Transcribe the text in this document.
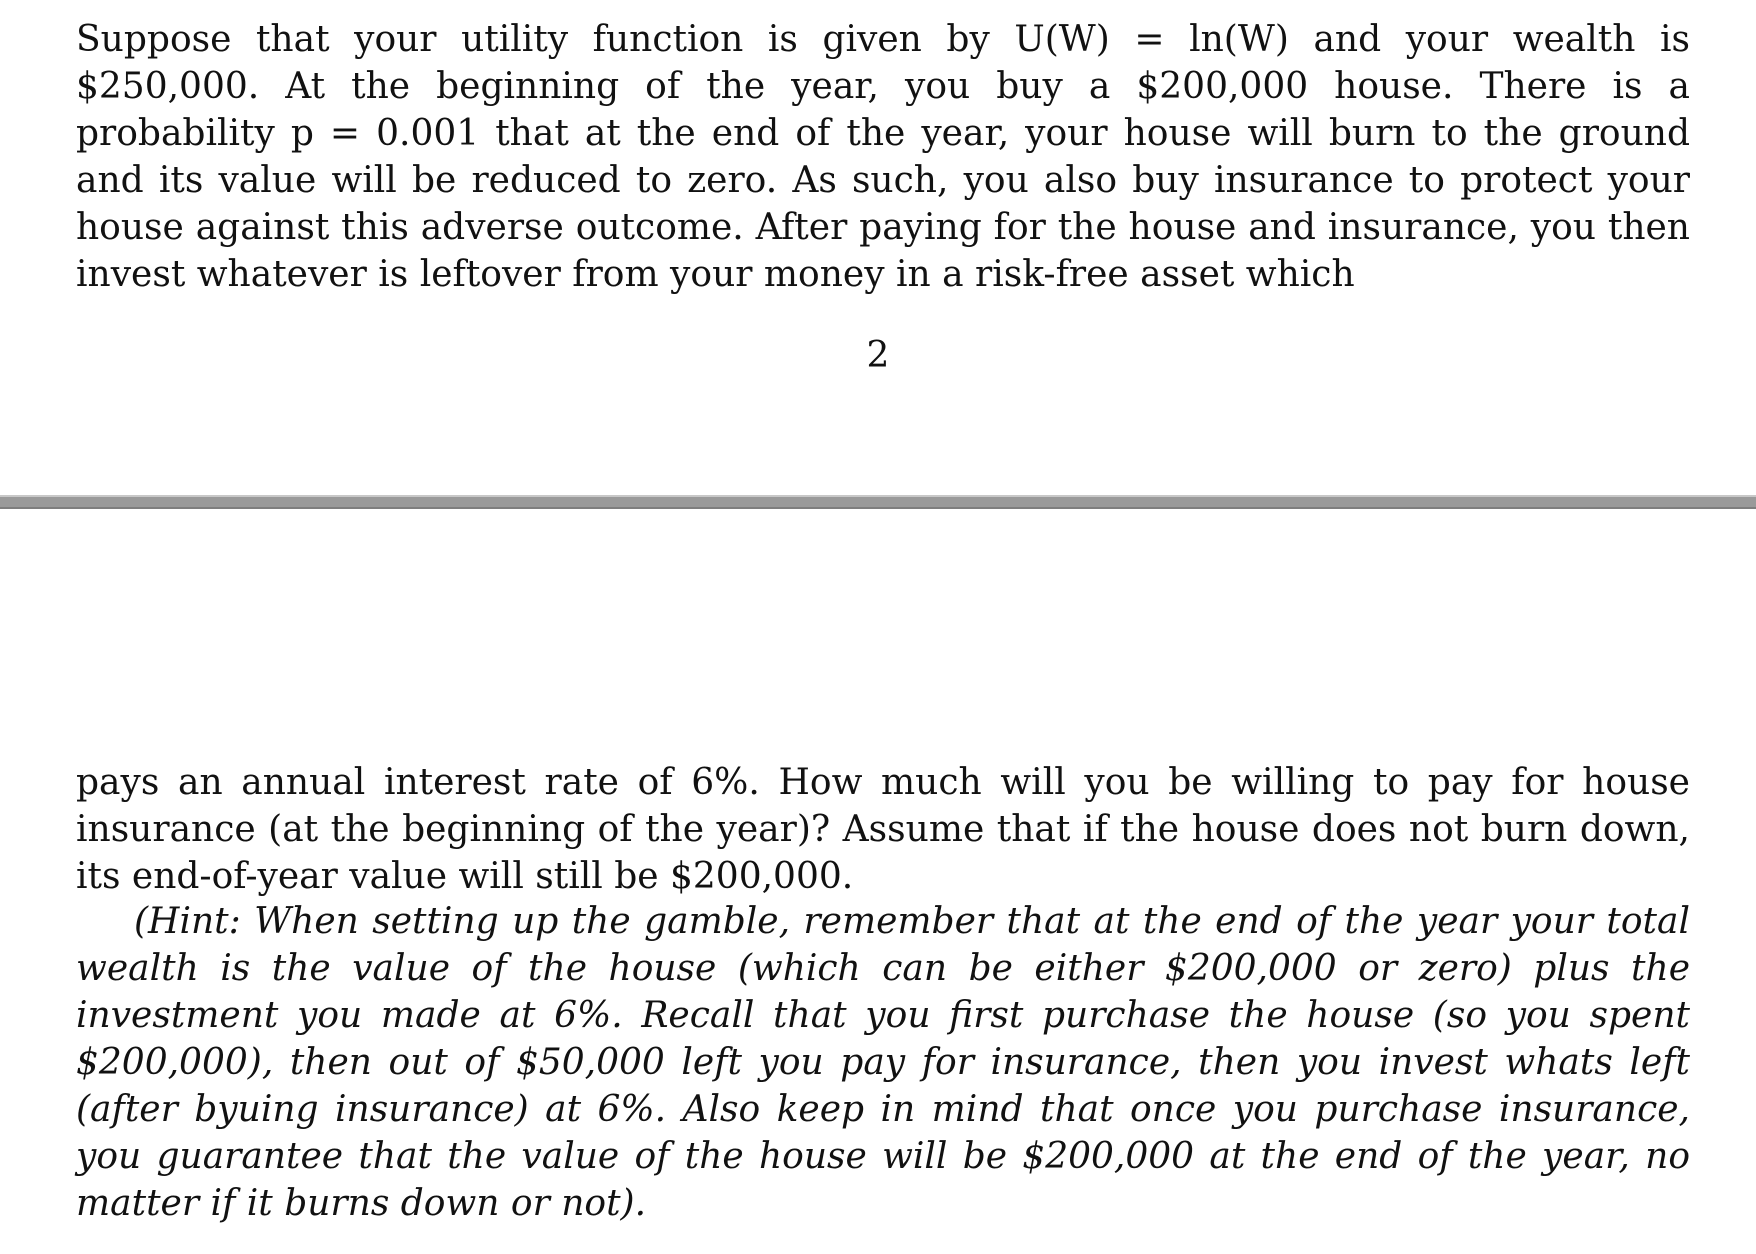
Suppose that your utility function is given by U(W) = ln(W) and your wealth is $250,000. At the beginning of the year, you buy a $200,000 house. There is a probability p = 0.001 that at the end of the year, your house will burn to the ground and its value will be reduced to zero. As such, you also buy insurance to protect your house against this adverse outcome. After paying for the house and insurance, you then invest whatever is leftover from your money in a risk-free asset which

2

pays an annual interest rate of 6%. How much will you be willing to pay for house insurance (at the beginning of the year)? Assume that if the house does not burn down, its end-of-year value will still be $200,000.

(Hint: When setting up the gamble, remember that at the end of the year your total wealth is the value of the house (which can be either $200,000 or zero) plus the investment you made at 6%. Recall that you first purchase the house (so you spent $200,000), then out of $50,000 left you pay for insurance, then you invest whats left (after byuing insurance) at 6%. Also keep in mind that once you purchase insurance, you guarantee that the value of the house will be $200,000 at the end of the year, no matter if it burns down or not).
